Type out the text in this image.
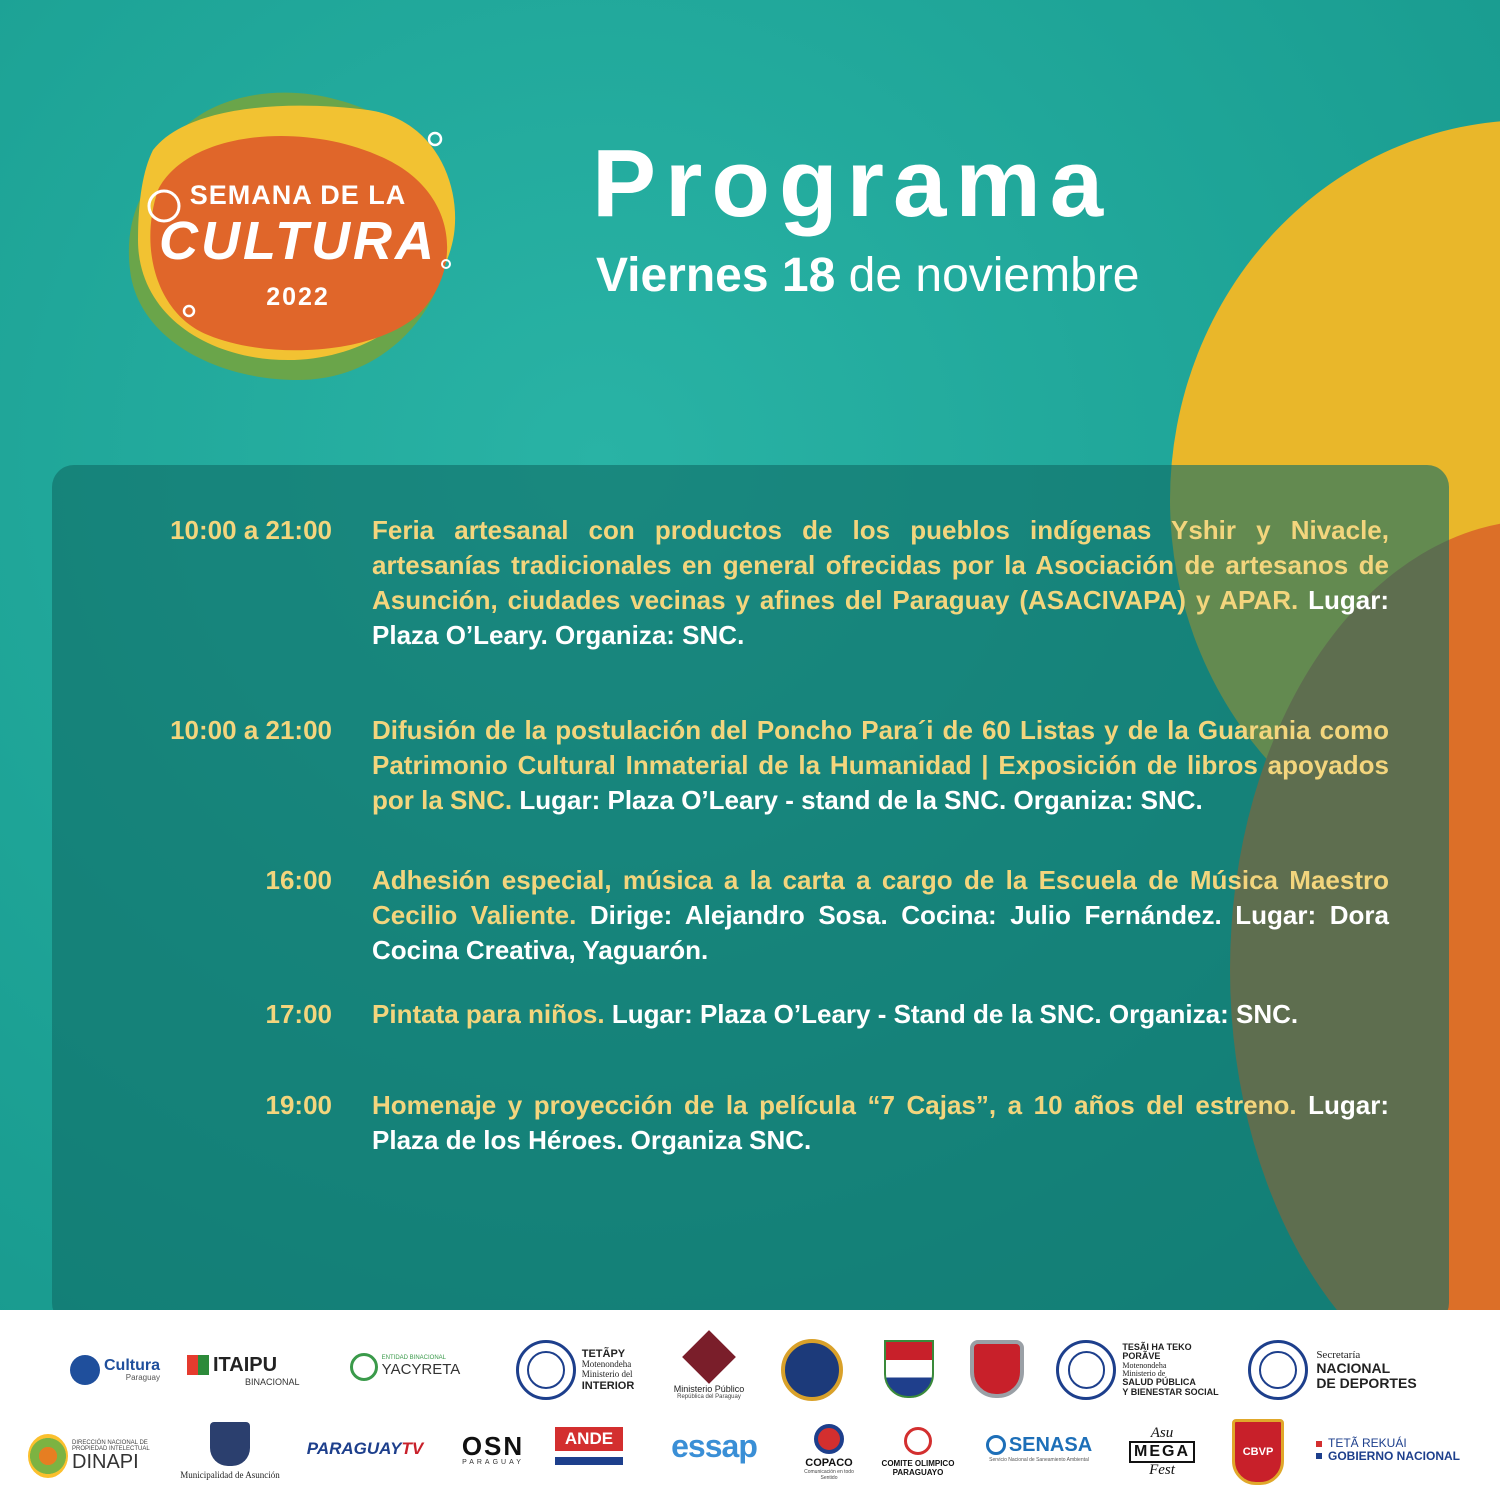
SEMANA DE LA
CULTURA
2022
Programa
Viernes 18 de noviembre
10:00 a 21:00 Feria artesanal con productos de los pueblos indígenas Yshir y Nivacle, artesanías tradicionales en general ofrecidas por la Asociación de artesanos de Asunción, ciudades vecinas y afines del Paraguay (ASACIVAPA) y APAR. Lugar: Plaza O’Leary. Organiza: SNC.
10:00 a 21:00 Difusión de la postulación del Poncho Para´i de 60 Listas y de la Guarania como Patrimonio Cultural Inmaterial de la Humanidad | Exposición de libros apoyados por la SNC. Lugar: Plaza O’Leary - stand de la SNC. Organiza: SNC.
16:00 Adhesión especial, música a la carta a cargo de la Escuela de Música Maestro Cecilio Valiente. Dirige: Alejandro Sosa. Cocina: Julio Fernández. Lugar: Dora Cocina Creativa, Yaguarón.
17:00 Pintata para niños. Lugar: Plaza O’Leary - Stand de la SNC. Organiza: SNC.
19:00 Homenaje y proyección de la película “7 Cajas”, a 10 años del estreno. Lugar: Plaza de los Héroes. Organiza SNC.
Cultura
Paraguay
ITAIPU
BINACIONAL
ENTIDAD BINACIONAL
YACYRETA
TETÃPY
Motenondeha
Ministerio del
INTERIOR	Ministerio Público
República del Paraguay
TESÃI HA TEKO
PORÃVE
Motenondeha
Ministerio de
SALUD PÚBLICA
Y BIENESTAR SOCIAL
Secretaría
NACIONAL
DE DEPORTES
DIRECCIÓN NACIONAL DE PROPIEDAD INTELECTUAL
DINAPI
Municipalidad de Asunción
PARAGUAY TV OSN
PARAGUAY
ANDE	essap	COPACO
Comunicación en todo Sentido
COMITE OLIMPICO
PARAGUAYO
SENASA
Servicio Nacional de Saneamiento Ambiental
Asu
MEGA
Fest
CBVP
TETÃ REKUÁI
GOBIERNO NACIONAL
